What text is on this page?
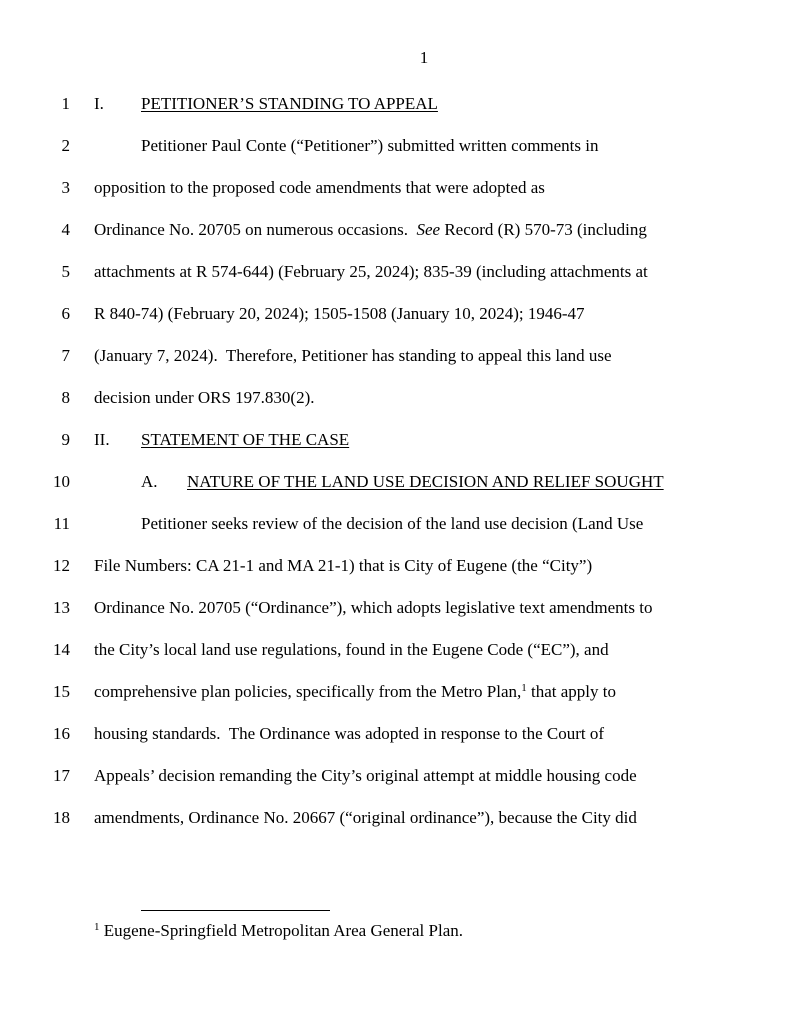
1
1 I. PETITIONER’S STANDING TO APPEAL
2	Petitioner Paul Conte (“Petitioner”) submitted written comments in
3 opposition to the proposed code amendments that were adopted as
4 Ordinance No. 20705 on numerous occasions.  See Record (R) 570-73 (including
5 attachments at R 574-644) (February 25, 2024); 835-39 (including attachments at
6 R 840-74) (February 20, 2024); 1505-1508 (January 10, 2024); 1946-47
7 (January 7, 2024).  Therefore, Petitioner has standing to appeal this land use
8 decision under ORS 197.830(2).
9 II. STATEMENT OF THE CASE
10	A. NATURE OF THE LAND USE DECISION AND RELIEF SOUGHT
11	Petitioner seeks review of the decision of the land use decision (Land Use
12 File Numbers: CA 21-1 and MA 21-1) that is City of Eugene (the “City”)
13 Ordinance No. 20705 (“Ordinance”), which adopts legislative text amendments to
14 the City’s local land use regulations, found in the Eugene Code (“EC”), and
15 comprehensive plan policies, specifically from the Metro Plan,$^1$ that apply to
16 housing standards.  The Ordinance was adopted in response to the Court of
17 Appeals’ decision remanding the City’s original attempt at middle housing code
18 amendments, Ordinance No. 20667 (“original ordinance”), because the City did
$^1$ Eugene-Springfield Metropolitan Area General Plan.
